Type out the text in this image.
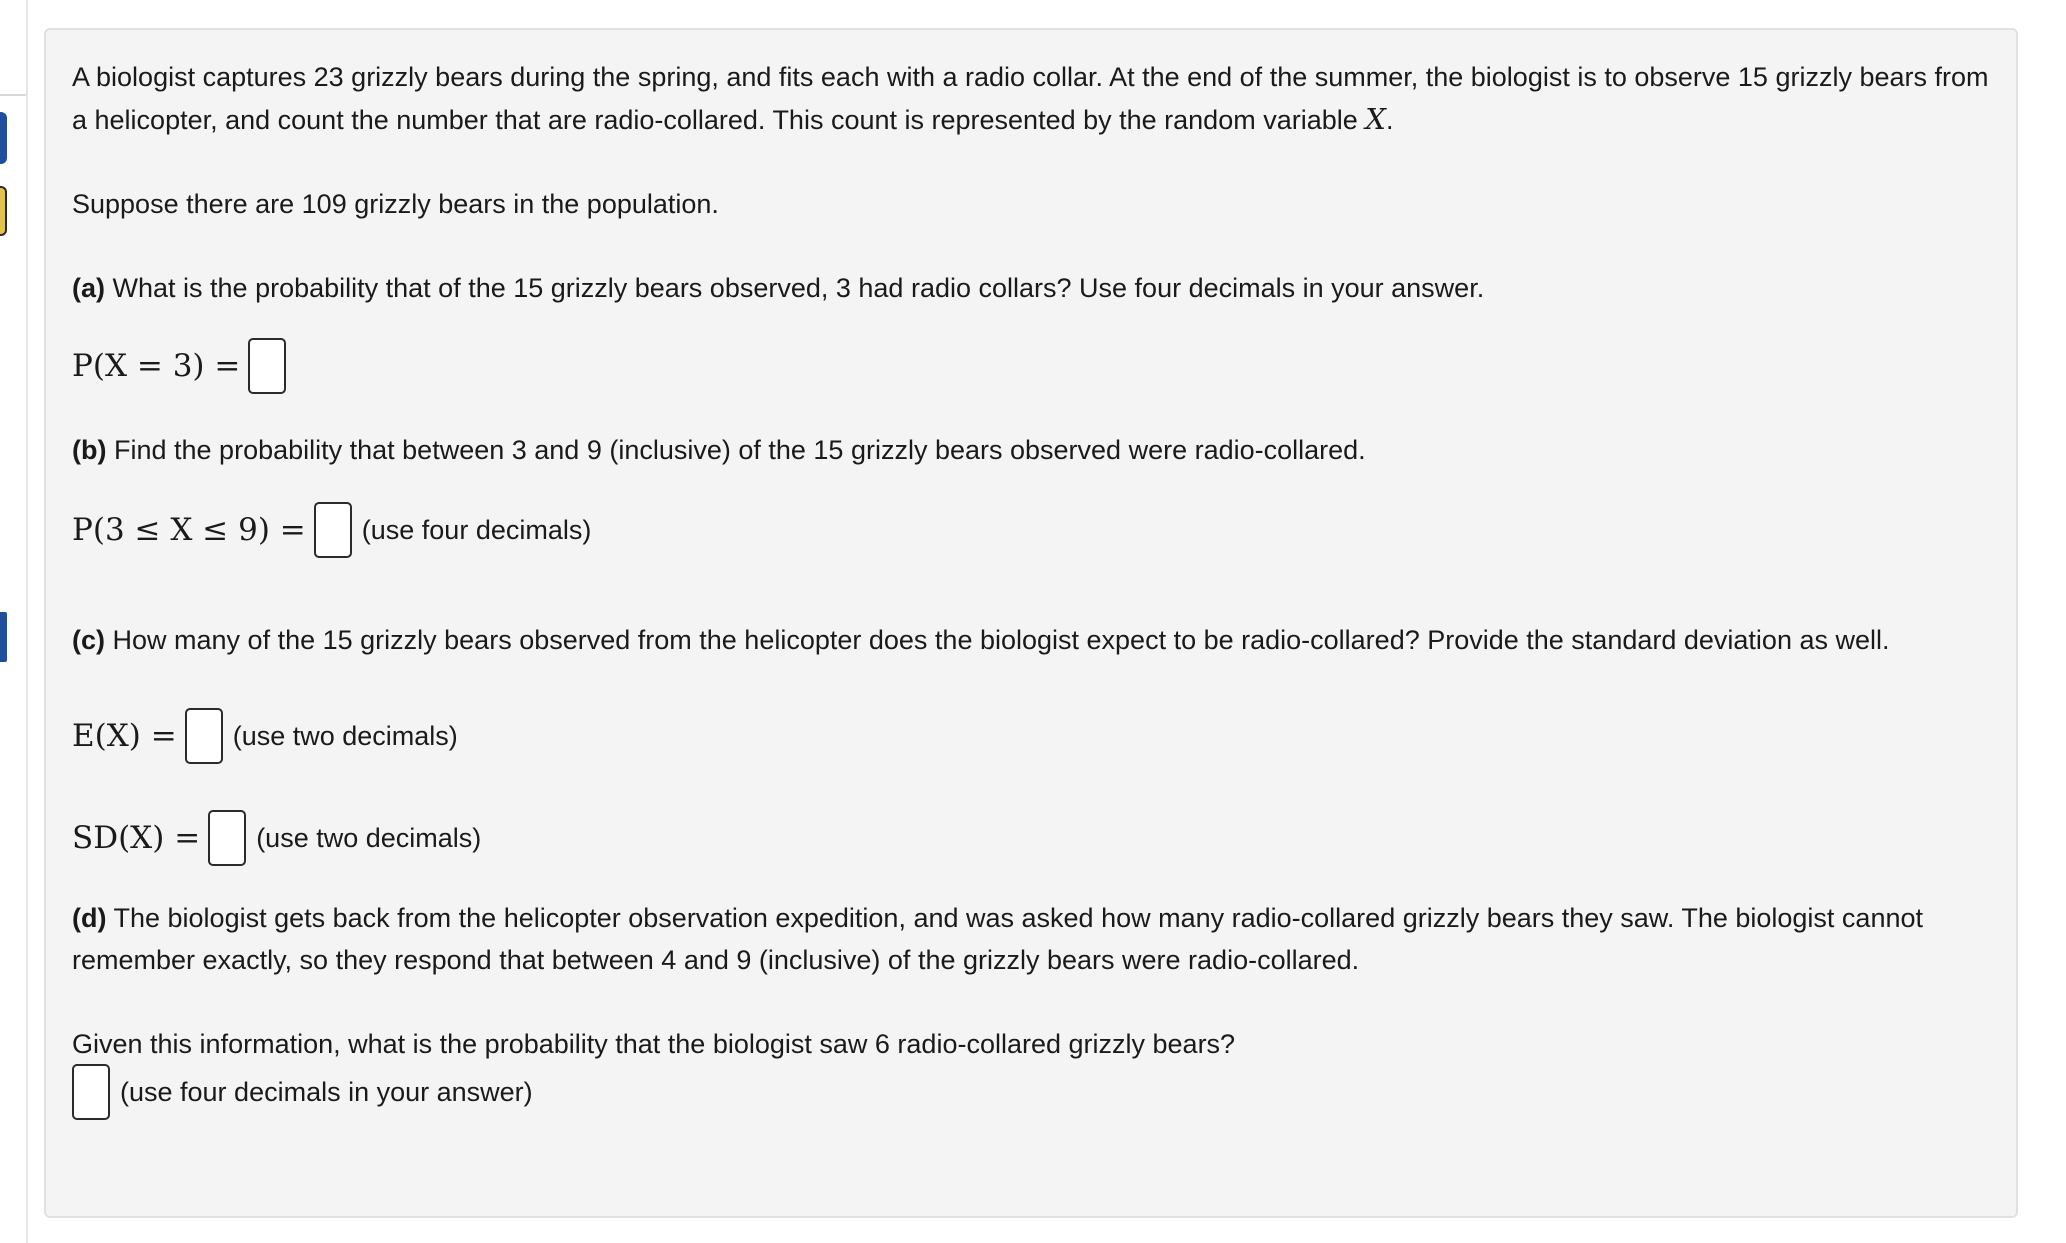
A biologist captures 23 grizzly bears during the spring, and fits each with a radio collar. At the end of the summer, the biologist is to observe 15 grizzly bears from a helicopter, and count the number that are radio-collared. This count is represented by the random variable X.

Suppose there are 109 grizzly bears in the population.

(a) What is the probability that of the 15 grizzly bears observed, 3 had radio collars? Use four decimals in your answer.

P(X = 3) =

(b) Find the probability that between 3 and 9 (inclusive) of the 15 grizzly bears observed were radio-collared.

P(3 ≤ X ≤ 9) = (use four decimals)

(c) How many of the 15 grizzly bears observed from the helicopter does the biologist expect to be radio-collared? Provide the standard deviation as well.

E(X) = (use two decimals)
SD(X) = (use two decimals)

(d) The biologist gets back from the helicopter observation expedition, and was asked how many radio-collared grizzly bears they saw. The biologist cannot remember exactly, so they respond that between 4 and 9 (inclusive) of the grizzly bears were radio-collared.

Given this information, what is the probability that the biologist saw 6 radio-collared grizzly bears?

(use four decimals in your answer)
